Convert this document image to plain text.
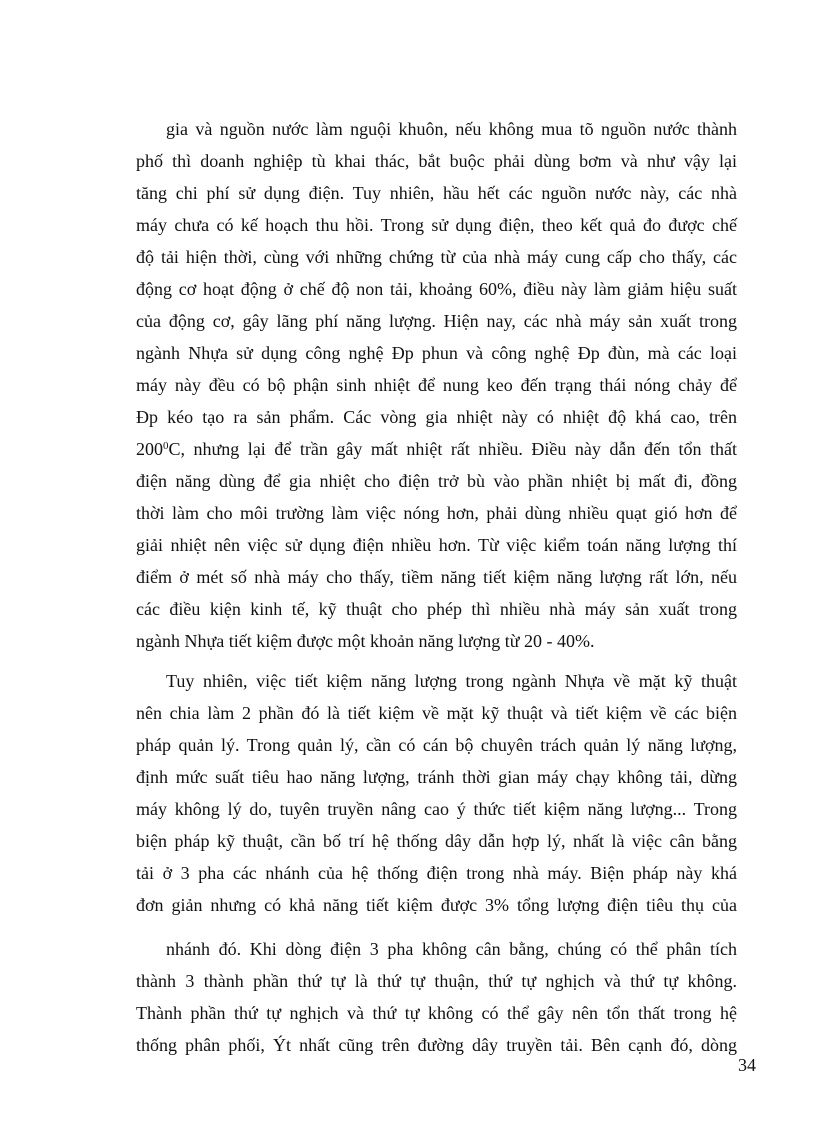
gia và nguồn nước làm nguội khuôn, nếu không mua tõ nguồn nước thành
phố thì doanh nghiệp tù khai thác, bắt buộc phải dùng bơm và như vậy lại
tăng chi phí sử dụng điện. Tuy nhiên, hầu hết các nguồn nước này, các nhà
máy chưa có kế hoạch thu hồi. Trong sử dụng điện, theo kết quả đo được chế
độ tải hiện thời, cùng với những chứng từ của nhà máy cung cấp cho thấy, các
động cơ hoạt động ở chế độ non tải, khoảng 60%, điều này làm giảm hiệu suất
của động cơ, gây lãng phí năng lượng. Hiện nay, các nhà máy sản xuất trong
ngành Nhựa sử dụng công nghệ Đp phun và công nghệ Đp đùn, mà các loại
máy này đều có bộ phận sinh nhiệt để nung keo đến trạng thái nóng chảy để
Đp kéo tạo ra sản phẩm. Các vòng gia nhiệt này có nhiệt độ khá cao, trên
$200^0C$, nhưng lại để trần gây mất nhiệt rất nhiều. Điều này dẫn đến tổn thất
điện năng dùng để gia nhiệt cho điện trở bù vào phần nhiệt bị mất đi, đồng
thời làm cho môi trường làm việc nóng hơn, phải dùng nhiều quạt gió hơn để
giải nhiệt nên việc sử dụng điện nhiều hơn. Từ việc kiểm toán năng lượng thí
điểm ở mét số nhà máy cho thấy, tiềm năng tiết kiệm năng lượng rất lớn, nếu
các điều kiện kinh tế, kỹ thuật cho phép thì nhiều nhà máy sản xuất trong
ngành Nhựa tiết kiệm được một khoản năng lượng từ 20 - 40%.
Tuy nhiên, việc tiết kiệm năng lượng trong ngành Nhựa về mặt kỹ thuật
nên chia làm 2 phần đó là tiết kiệm về mặt kỹ thuật và tiết kiệm về các biện
pháp quản lý. Trong quản lý, cần có cán bộ chuyên trách quản lý năng lượng,
định mức suất tiêu hao năng lượng, tránh thời gian máy chạy không tải, dừng
máy không lý do, tuyên truyền nâng cao ý thức tiết kiệm năng lượng... Trong
biện pháp kỹ thuật, cần bố trí hệ thống dây dẫn hợp lý, nhất là việc cân bằng
tải ở 3 pha các nhánh của hệ thống điện trong nhà máy. Biện pháp này khá
đơn giản nhưng có khả năng tiết kiệm được 3% tổng lượng điện tiêu thụ của
nhánh đó. Khi dòng điện 3 pha không cân bằng, chúng có thể phân tích
thành 3 thành phần thứ tự là thứ tự thuận, thứ tự nghịch và thứ tự không.
Thành phần thứ tự nghịch và thứ tự không có thể gây nên tổn thất trong hệ
thống phân phối, Ýt nhất cũng trên đường dây truyền tải. Bên cạnh đó, dòng
34
